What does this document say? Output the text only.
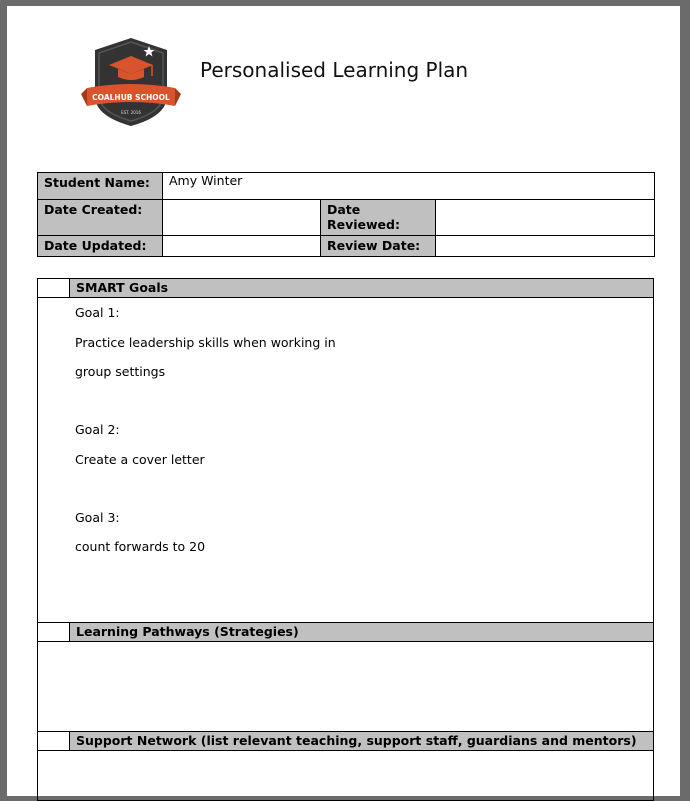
COALHUB SCHOOL
EST. 2016
Personalised Learning Plan
Student Name:	Amy Winter		
Date Created:		Date Reviewed:	
Date Updated:		Review Date:	
SMART Goals

Goal 1:

Practice leadership skills when working in

group settings

Goal 2:

Create a cover letter

Goal 3:

count forwards to 20

Learning Pathways (Strategies)
Support Network (list relevant teaching, support staff, guardians and mentors)
